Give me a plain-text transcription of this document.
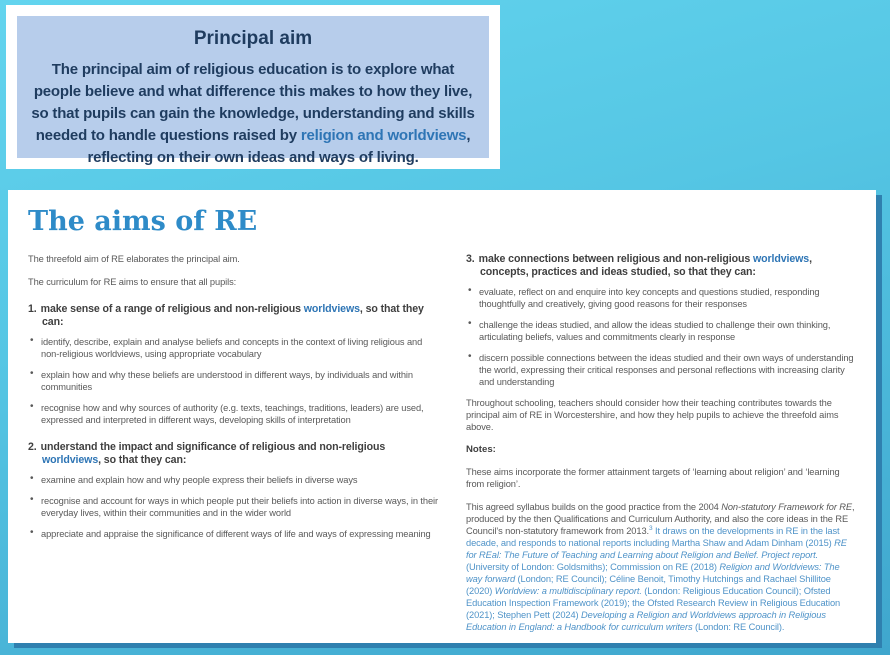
Principal aim
The principal aim of religious education is to explore what people believe and what difference this makes to how they live, so that pupils can gain the knowledge, understanding and skills needed to handle questions raised by religion and worldviews, reflecting on their own ideas and ways of living.
The aims of RE

The threefold aim of RE elaborates the principal aim.

The curriculum for RE aims to ensure that all pupils:

1. make sense of a range of religious and non-religious worldviews, so that they can:

• identify, describe, explain and analyse beliefs and concepts in the context of living religious and non-religious worldviews, using appropriate vocabulary
• explain how and why these beliefs are understood in different ways, by individuals and within communities
• recognise how and why sources of authority (e.g. texts, teachings, traditions, leaders) are used, expressed and interpreted in different ways, developing skills of interpretation

2. understand the impact and significance of religious and non-religious worldviews, so that they can:

• examine and explain how and why people express their beliefs in diverse ways
• recognise and account for ways in which people put their beliefs into action in diverse ways, in their everyday lives, within their communities and in the wider world
• appreciate and appraise the significance of different ways of life and ways of expressing meaning

3. make connections between religious and non-religious worldviews, concepts, practices and ideas studied, so that they can:

• evaluate, reflect on and enquire into key concepts and questions studied, responding thoughtfully and creatively, giving good reasons for their responses
• challenge the ideas studied, and allow the ideas studied to challenge their own thinking, articulating beliefs, values and commitments clearly in response
• discern possible connections between the ideas studied and their own ways of understanding the world, expressing their critical responses and personal reflections with increasing clarity and understanding

Throughout schooling, teachers should consider how their teaching contributes towards the principal aim of RE in Worcestershire, and how they help pupils to achieve the threefold aims above.

Notes:

These aims incorporate the former attainment targets of ‘learning about religion’ and ‘learning from religion’.

This agreed syllabus builds on the good practice from the 2004 Non-statutory Framework for RE, produced by the then Qualifications and Curriculum Authority, and also the core ideas in the RE Council’s non-statutory framework from 2013.$^3$ It draws on the developments in RE in the last decade, and responds to national reports including Martha Shaw and Adam Dinham (2015) RE for REal: The Future of Teaching and Learning about Religion and Belief. Project report. (University of London: Goldsmiths); Commission on RE (2018) Religion and Worldviews: The way forward (London; RE Council); Céline Benoit, Timothy Hutchings and Rachael Shillitoe (2020) Worldview: a multidisciplinary report. (London: Religious Education Council); Ofsted Education Inspection Framework (2019); the Ofsted Research Review in Religious Education (2021); Stephen Pett (2024) Developing a Religion and Worldviews approach in Religious Education in England: a Handbook for curriculum writers (London: RE Council).
